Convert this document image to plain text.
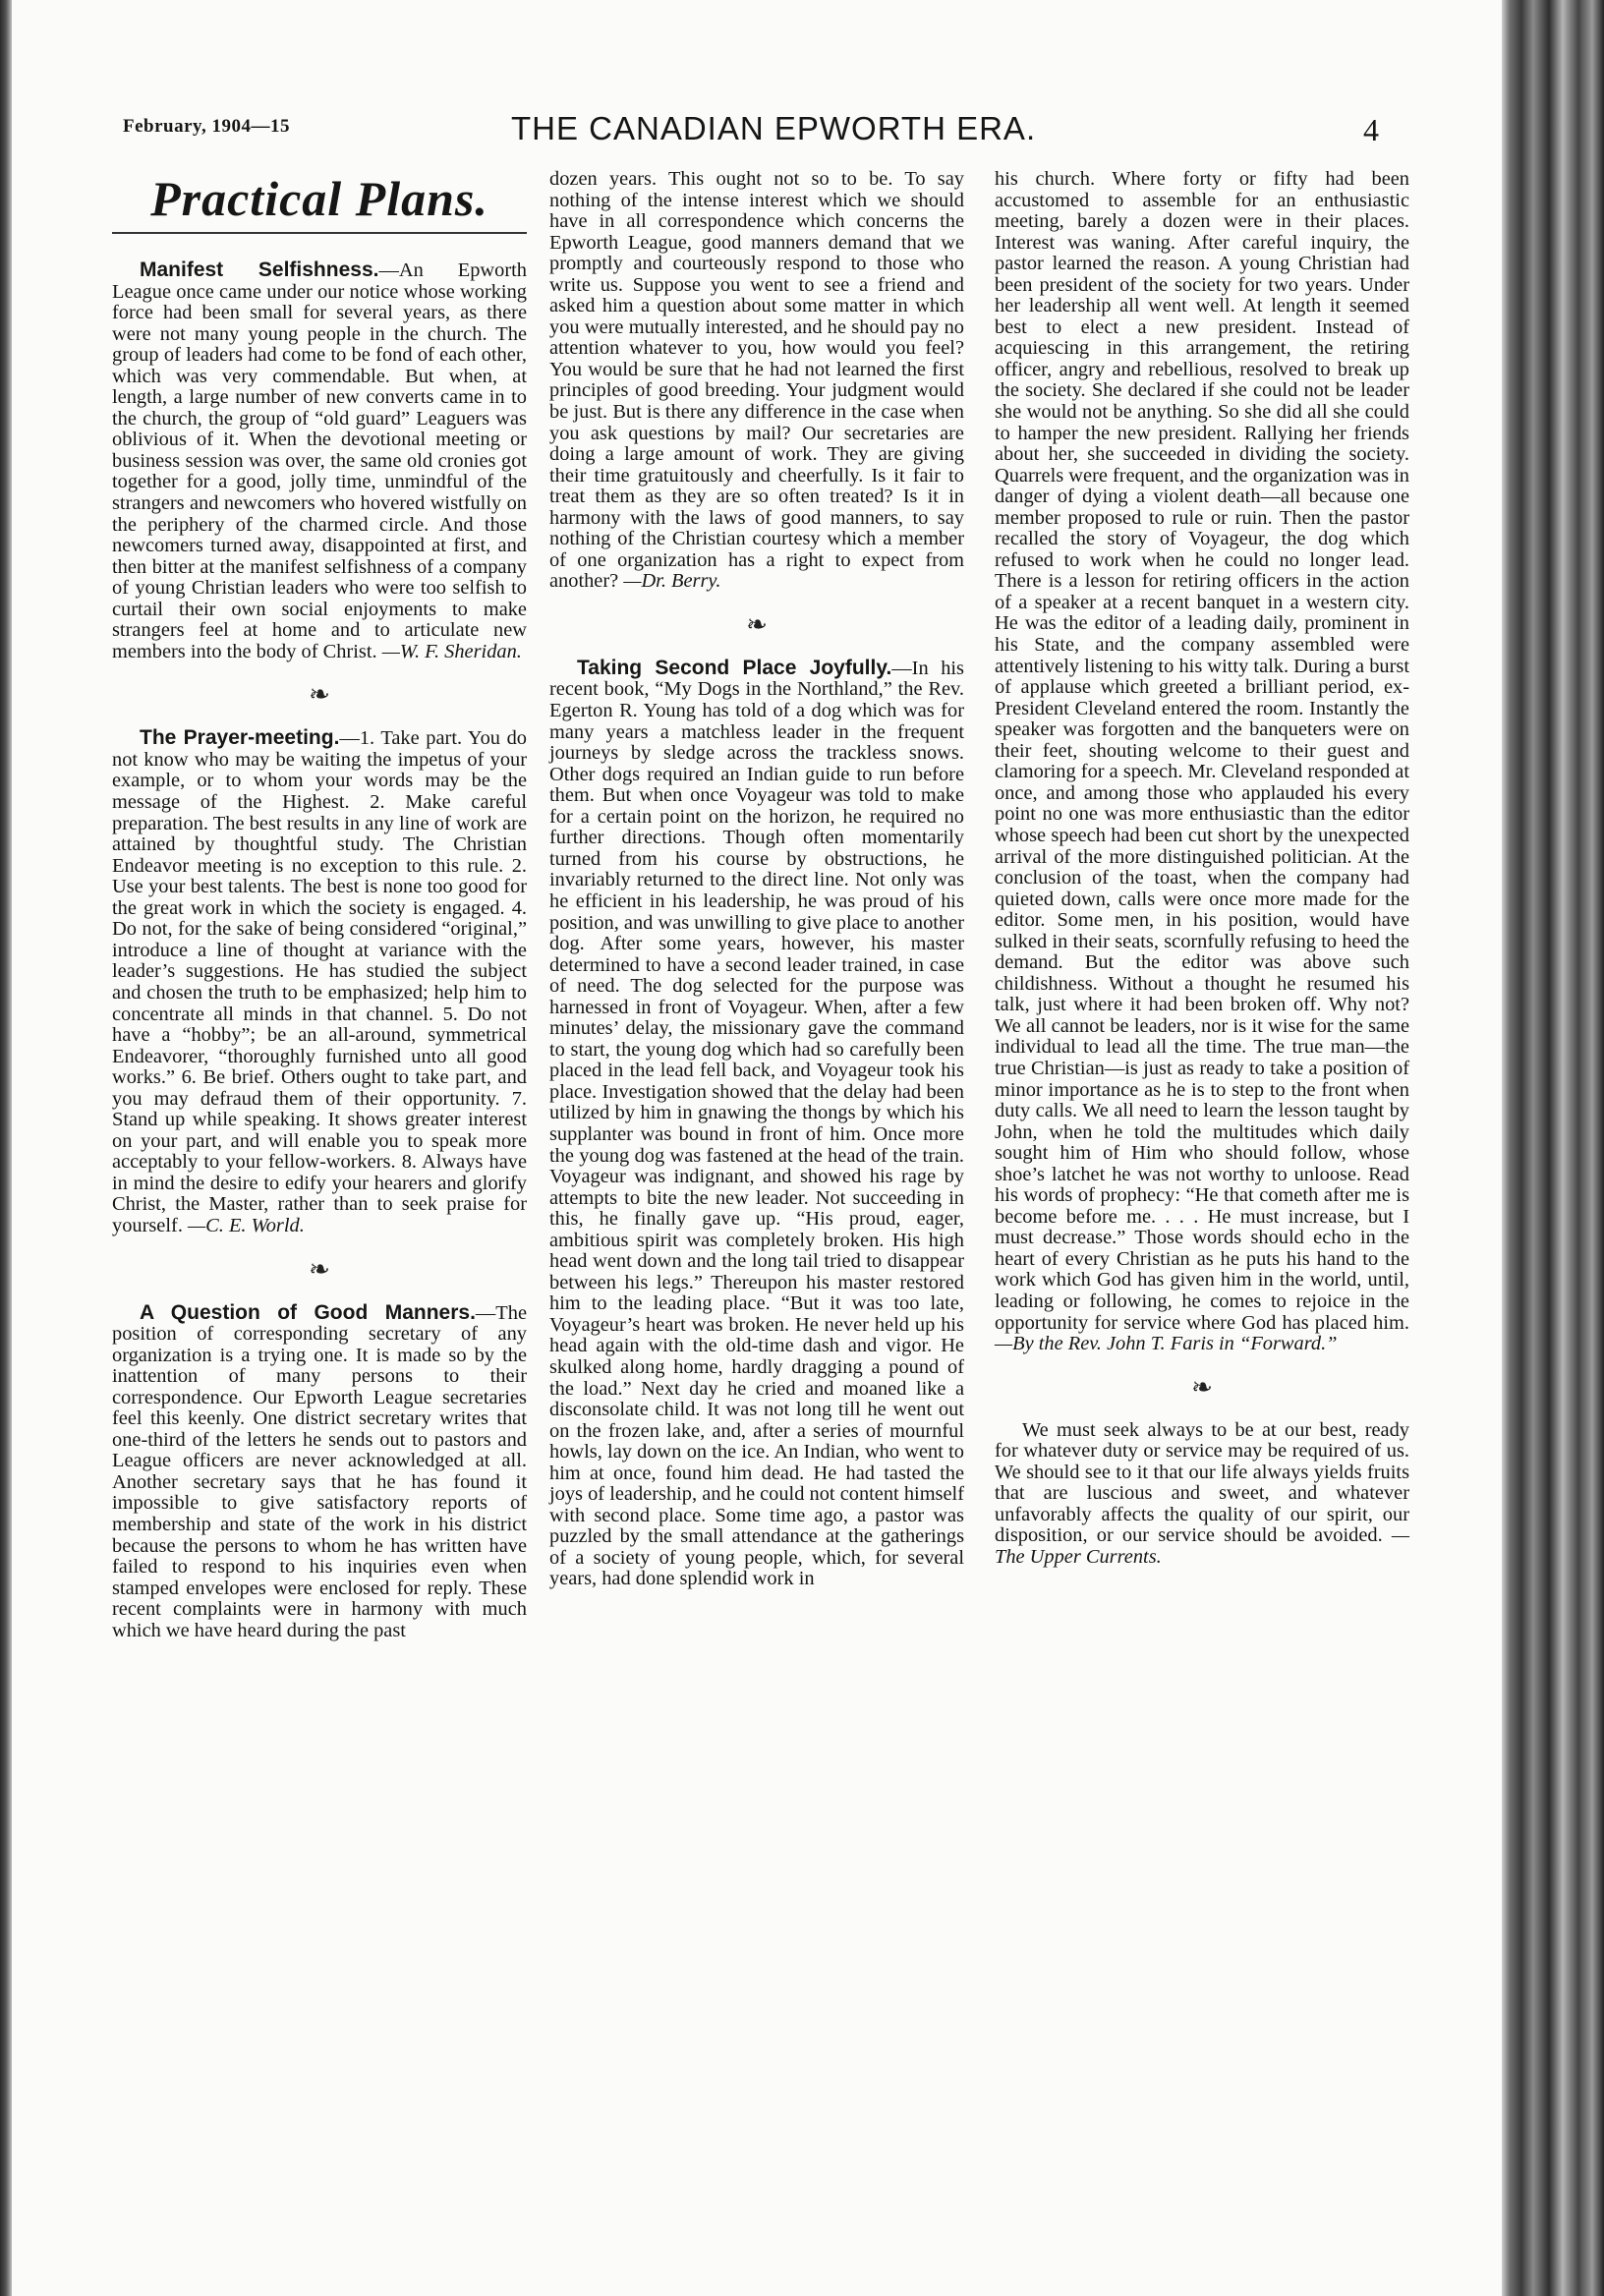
February, 1904—15	THE CANADIAN EPWORTH ERA.	4
Practical Plans.

Manifest Selfishness.—An Epworth League once came under our notice whose working force had been small for several years, as there were not many young people in the church. The group of leaders had come to be fond of each other, which was very commendable. But when, at length, a large number of new converts came in to the church, the group of “old guard” Leaguers was oblivious of it. When the devotional meeting or business session was over, the same old cronies got together for a good, jolly time, unmindful of the strangers and newcomers who hovered wistfully on the periphery of the charmed circle. And those newcomers turned away, disappointed at first, and then bitter at the manifest selfishness of a company of young Christian leaders who were too selfish to curtail their own social enjoyments to make strangers feel at home and to articulate new members into the body of Christ. —W. F. Sheridan.

❧

The Prayer-meeting.—1. Take part. You do not know who may be waiting the impetus of your example, or to whom your words may be the message of the Highest. 2. Make careful preparation. The best results in any line of work are attained by thoughtful study. The Christian Endeavor meeting is no exception to this rule. 2. Use your best talents. The best is none too good for the great work in which the society is engaged. 4. Do not, for the sake of being considered “original,” introduce a line of thought at variance with the leader’s suggestions. He has studied the subject and chosen the truth to be emphasized; help him to concentrate all minds in that channel. 5. Do not have a “hobby”; be an all-around, symmetrical Endeavorer, “thoroughly furnished unto all good works.” 6. Be brief. Others ought to take part, and you may defraud them of their opportunity. 7. Stand up while speaking. It shows greater interest on your part, and will enable you to speak more acceptably to your fellow-workers. 8. Always have in mind the desire to edify your hearers and glorify Christ, the Master, rather than to seek praise for yourself. —C. E. World.

❧

A Question of Good Manners.—The position of corresponding secretary of any organization is a trying one. It is made so by the inattention of many persons to their correspondence. Our Epworth League secretaries feel this keenly. One district secretary writes that one-third of the letters he sends out to pastors and League officers are never acknowledged at all. Another secretary says that he has found it impossible to give satisfactory reports of membership and state of the work in his district because the persons to whom he has written have failed to respond to his inquiries even when stamped envelopes were enclosed for reply. These recent complaints were in harmony with much which we have heard during the past

dozen years. This ought not so to be. To say nothing of the intense interest which we should have in all correspondence which concerns the Epworth League, good manners demand that we promptly and courteously respond to those who write us. Suppose you went to see a friend and asked him a question about some matter in which you were mutually interested, and he should pay no attention whatever to you, how would you feel? You would be sure that he had not learned the first principles of good breeding. Your judgment would be just. But is there any difference in the case when you ask questions by mail? Our secretaries are doing a large amount of work. They are giving their time gratuitously and cheerfully. Is it fair to treat them as they are so often treated? Is it in harmony with the laws of good manners, to say nothing of the Christian courtesy which a member of one organization has a right to expect from another? —Dr. Berry.

❧

Taking Second Place Joyfully.—In his recent book, “My Dogs in the Northland,” the Rev. Egerton R. Young has told of a dog which was for many years a matchless leader in the frequent journeys by sledge across the trackless snows. Other dogs required an Indian guide to run before them. But when once Voyageur was told to make for a certain point on the horizon, he required no further directions. Though often momentarily turned from his course by obstructions, he invariably returned to the direct line. Not only was he efficient in his leadership, he was proud of his position, and was unwilling to give place to another dog. After some years, however, his master determined to have a second leader trained, in case of need. The dog selected for the purpose was harnessed in front of Voyageur. When, after a few minutes’ delay, the missionary gave the command to start, the young dog which had so carefully been placed in the lead fell back, and Voyageur took his place. Investigation showed that the delay had been utilized by him in gnawing the thongs by which his supplanter was bound in front of him. Once more the young dog was fastened at the head of the train. Voyageur was indignant, and showed his rage by attempts to bite the new leader. Not succeeding in this, he finally gave up. “His proud, eager, ambitious spirit was completely broken. His high head went down and the long tail tried to disappear between his legs.” Thereupon his master restored him to the leading place. “But it was too late, Voyageur’s heart was broken. He never held up his head again with the old-time dash and vigor. He skulked along home, hardly dragging a pound of the load.” Next day he cried and moaned like a disconsolate child. It was not long till he went out on the frozen lake, and, after a series of mournful howls, lay down on the ice. An Indian, who went to him at once, found him dead. He had tasted the joys of leadership, and he could not content himself with second place. Some time ago, a pastor was puzzled by the small attendance at the gatherings of a society of young people, which, for several years, had done splendid work in

his church. Where forty or fifty had been accustomed to assemble for an enthusiastic meeting, barely a dozen were in their places. Interest was waning. After careful inquiry, the pastor learned the reason. A young Christian had been president of the society for two years. Under her leadership all went well. At length it seemed best to elect a new president. Instead of acquiescing in this arrangement, the retiring officer, angry and rebellious, resolved to break up the society. She declared if she could not be leader she would not be anything. So she did all she could to hamper the new president. Rallying her friends about her, she succeeded in dividing the society. Quarrels were frequent, and the organization was in danger of dying a violent death—all because one member proposed to rule or ruin. Then the pastor recalled the story of Voyageur, the dog which refused to work when he could no longer lead. There is a lesson for retiring officers in the action of a speaker at a recent banquet in a western city. He was the editor of a leading daily, prominent in his State, and the company assembled were attentively listening to his witty talk. During a burst of applause which greeted a brilliant period, ex-President Cleveland entered the room. Instantly the speaker was forgotten and the banqueters were on their feet, shouting welcome to their guest and clamoring for a speech. Mr. Cleveland responded at once, and among those who applauded his every point no one was more enthusiastic than the editor whose speech had been cut short by the unexpected arrival of the more distinguished politician. At the conclusion of the toast, when the company had quieted down, calls were once more made for the editor. Some men, in his position, would have sulked in their seats, scornfully refusing to heed the demand. But the editor was above such childishness. Without a thought he resumed his talk, just where it had been broken off. Why not? We all cannot be leaders, nor is it wise for the same individual to lead all the time. The true man—the true Christian—is just as ready to take a position of minor importance as he is to step to the front when duty calls. We all need to learn the lesson taught by John, when he told the multitudes which daily sought him of Him who should follow, whose shoe’s latchet he was not worthy to unloose. Read his words of prophecy: “He that cometh after me is become before me. . . . He must increase, but I must decrease.” Those words should echo in the heart of every Christian as he puts his hand to the work which God has given him in the world, until, leading or following, he comes to rejoice in the opportunity for service where God has placed him. —By the Rev. John T. Faris in “Forward.”

❧

We must seek always to be at our best, ready for whatever duty or service may be required of us. We should see to it that our life always yields fruits that are luscious and sweet, and whatever unfavorably affects the quality of our spirit, our disposition, or our service should be avoided. —The Upper Currents.
